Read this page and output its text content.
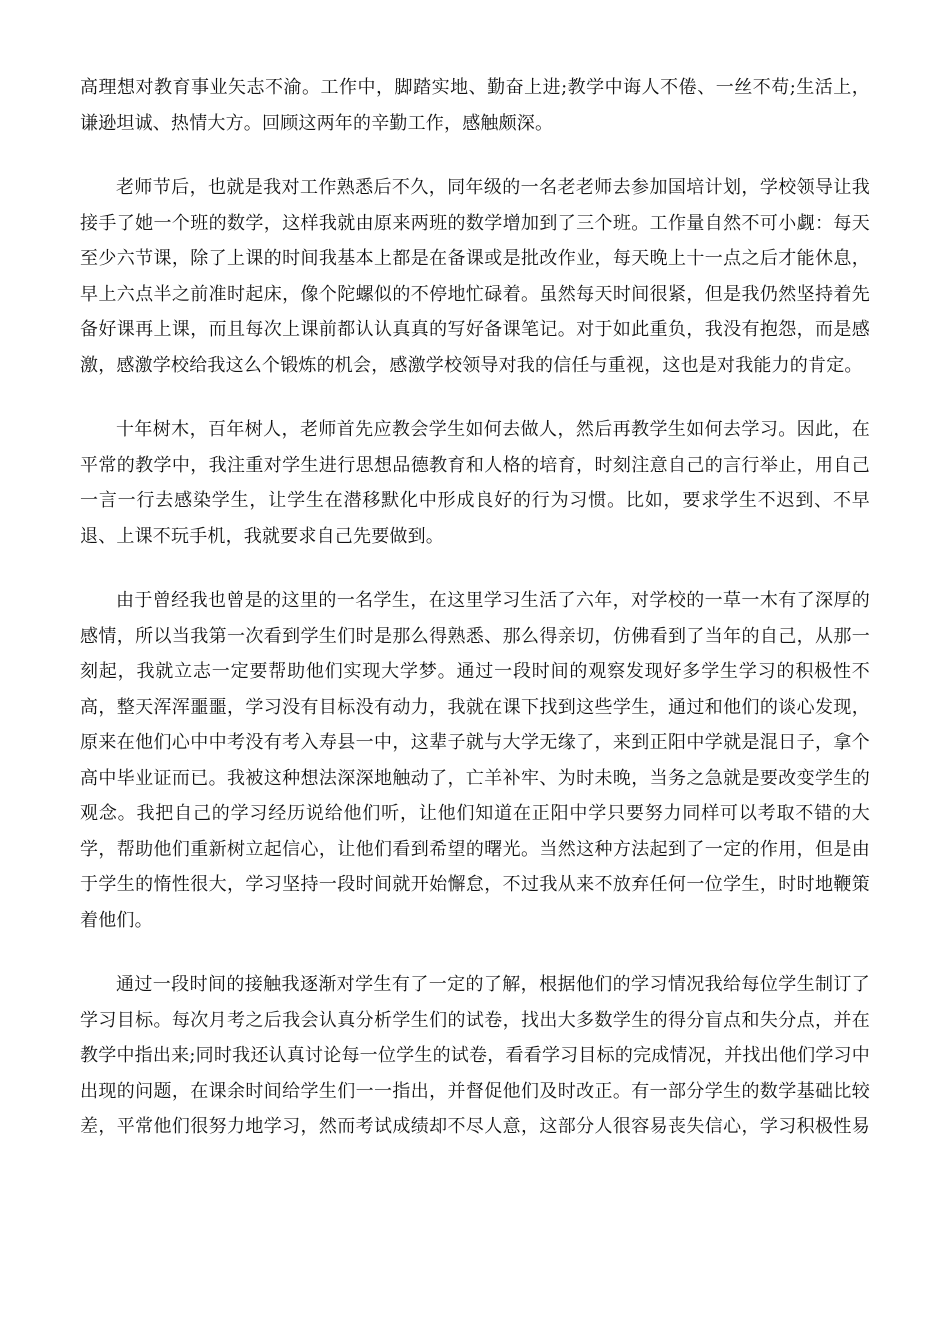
高理想对教育事业矢志不渝。工作中，脚踏实地、勤奋上进;教学中诲人不倦、一丝不苟;生活上，
谦逊坦诚、热情大方。回顾这两年的辛勤工作，感触颇深。

老师节后，也就是我对工作熟悉后不久，同年级的一名老老师去参加国培计划，学校领导让我
接手了她一个班的数学，这样我就由原来两班的数学增加到了三个班。工作量自然不可小觑：每天
至少六节课，除了上课的时间我基本上都是在备课或是批改作业，每天晚上十一点之后才能休息，
早上六点半之前准时起床，像个陀螺似的不停地忙碌着。虽然每天时间很紧，但是我仍然坚持着先
备好课再上课，而且每次上课前都认认真真的写好备课笔记。对于如此重负，我没有抱怨，而是感
激，感激学校给我这么个锻炼的机会，感激学校领导对我的信任与重视，这也是对我能力的肯定。

十年树木，百年树人，老师首先应教会学生如何去做人，然后再教学生如何去学习。因此，在
平常的教学中，我注重对学生进行思想品德教育和人格的培育，时刻注意自己的言行举止，用自己
一言一行去感染学生，让学生在潜移默化中形成良好的行为习惯。比如，要求学生不迟到、不早
退、上课不玩手机，我就要求自己先要做到。

由于曾经我也曾是的这里的一名学生，在这里学习生活了六年，对学校的一草一木有了深厚的
感情，所以当我第一次看到学生们时是那么得熟悉、那么得亲切，仿佛看到了当年的自己，从那一
刻起，我就立志一定要帮助他们实现大学梦。通过一段时间的观察发现好多学生学习的积极性不
高，整天浑浑噩噩，学习没有目标没有动力，我就在课下找到这些学生，通过和他们的谈心发现，
原来在他们心中中考没有考入寿县一中，这辈子就与大学无缘了，来到正阳中学就是混日子，拿个
高中毕业证而已。我被这种想法深深地触动了，亡羊补牢、为时未晚，当务之急就是要改变学生的
观念。我把自己的学习经历说给他们听，让他们知道在正阳中学只要努力同样可以考取不错的大
学，帮助他们重新树立起信心，让他们看到希望的曙光。当然这种方法起到了一定的作用，但是由
于学生的惰性很大，学习坚持一段时间就开始懈怠，不过我从来不放弃任何一位学生，时时地鞭策
着他们。

通过一段时间的接触我逐渐对学生有了一定的了解，根据他们的学习情况我给每位学生制订了
学习目标。每次月考之后我会认真分析学生们的试卷，找出大多数学生的得分盲点和失分点，并在
教学中指出来;同时我还认真讨论每一位学生的试卷，看看学习目标的完成情况，并找出他们学习中
出现的问题，在课余时间给学生们一一指出，并督促他们及时改正。有一部分学生的数学基础比较
差，平常他们很努力地学习，然而考试成绩却不尽人意，这部分人很容易丧失信心，学习积极性易
